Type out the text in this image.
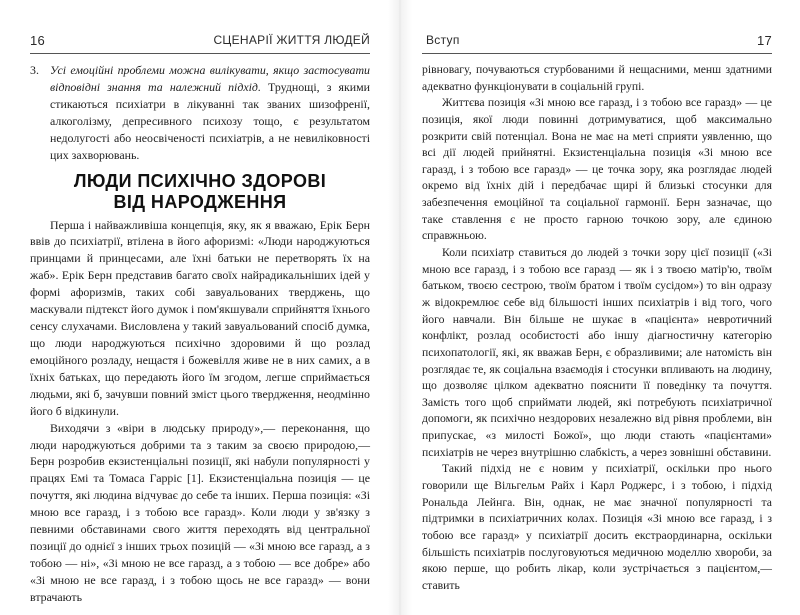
16	СЦЕНАРІЇ ЖИТТЯ ЛЮДЕЙ

3. Усі емоційні проблеми можна вилікувати, якщо застосувати відповідні знання та належний підхід. Труднощі, з якими стикаються психіатри в лікуванні так званих шизофренії, алкоголізму, депресивного психозу тощо, є результатом недолугості або неосвіченості психіатрів, а не невиліковності цих захворювань.

ЛЮДИ ПСИХІЧНО ЗДОРОВІ
ВІД НАРОДЖЕННЯ

Перша і найважливіша концепція, яку, як я вважаю, Ерік Берн ввів до психіатрії, втілена в його афоризмі: «Люди народжуються принцами й принцесами, але їхні батьки не перетворять їх на жаб». Ерік Берн представив багато своїх найрадикальніших ідей у формі афоризмів, таких собі завуальованих тверджень, що маскували підтекст його думок і пом'якшували сприйняття їхнього сенсу слухачами. Висловлена у такий завуальований спосіб думка, що люди народжуються психічно здоровими й що розлад емоційного розладу, нещастя і божевілля живе не в них самих, а в їхніх батьках, що передають його їм згодом, легше сприймається людьми, які б, зачувши повний зміст цього твердження, неодмінно його б відкинули.

Виходячи з «віри в людську природу»,— переконання, що люди народжуються добрими та з таким за своєю природою,— Берн розробив екзистенціальні позиції, які набули популярності у працях Емі та Томаса Гарріс [1]. Екзистенціальна позиція — це почуття, які людина відчуває до себе та інших. Перша позиція: «Зі мною все гаразд, і з тобою все гаразд». Коли люди у зв'язку з певними обставинами свого життя переходять від центральної позиції до однієї з інших трьох позицій — «Зі мною все гаразд, а з тобою — ні», «Зі мною не все гаразд, а з тобою — все добре» або «Зі мною не все гаразд, і з тобою щось не все гаразд» — вони втрачають

Вступ	17

рівновагу, почуваються стурбованими й нещасними, менш здатними адекватно функціонувати в соціальній групі.

Життєва позиція «Зі мною все гаразд, і з тобою все гаразд» — це позиція, якої люди повинні дотримуватися, щоб максимально розкрити свій потенціал. Вона не має на меті сприяти уявленню, що всі дії людей прийнятні. Екзистенціальна позиція «Зі мною все гаразд, і з тобою все гаразд» — це точка зору, яка розглядає людей окремо від їхніх дій і передбачає щирі й близькі стосунки для забезпечення емоційної та соціальної гармонії. Берн зазначає, що таке ставлення є не просто гарною точкою зору, але єдиною справжньою.

Коли психіатр ставиться до людей з точки зору цієї позиції («Зі мною все гаразд, і з тобою все гаразд — як і з твоєю матір'ю, твоїм батьком, твоєю сестрою, твоїм братом і твоїм сусідом») то він одразу ж відокремлює себе від більшості інших психіатрів і від того, чого його навчали. Він більше не шукає в «пацієнта» невротичний конфлікт, розлад особистості або іншу діагностичну категорію психопатології, які, як вважав Берн, є образливими; але натомість він розглядає те, як соціальна взаємодія і стосунки впливають на людину, що дозволяє цілком адекватно пояснити її поведінку та почуття. Замість того щоб сприймати людей, які потребують психіатричної допомоги, як психічно нездорових незалежно від рівня проблеми, він припускає, «з милості Божої», що люди стають «пацієнтами» психіатрів не через внутрішню слабкість, а через зовнішні обставини.

Такий підхід не є новим у психіатрії, оскільки про нього говорили ще Вільгельм Райх і Карл Роджерс, і з тобою, і підхід Рональда Лейнга. Він, однак, не має значної популярності та підтримки в психіатричних колах. Позиція «Зі мною все гаразд, і з тобою все гаразд» у психіатрії досить екстраординарна, оскільки більшість психіатрів послуговуються медичною моделлю хвороби, за якою перше, що робить лікар, коли зустрічається з пацієнтом,— ставить
